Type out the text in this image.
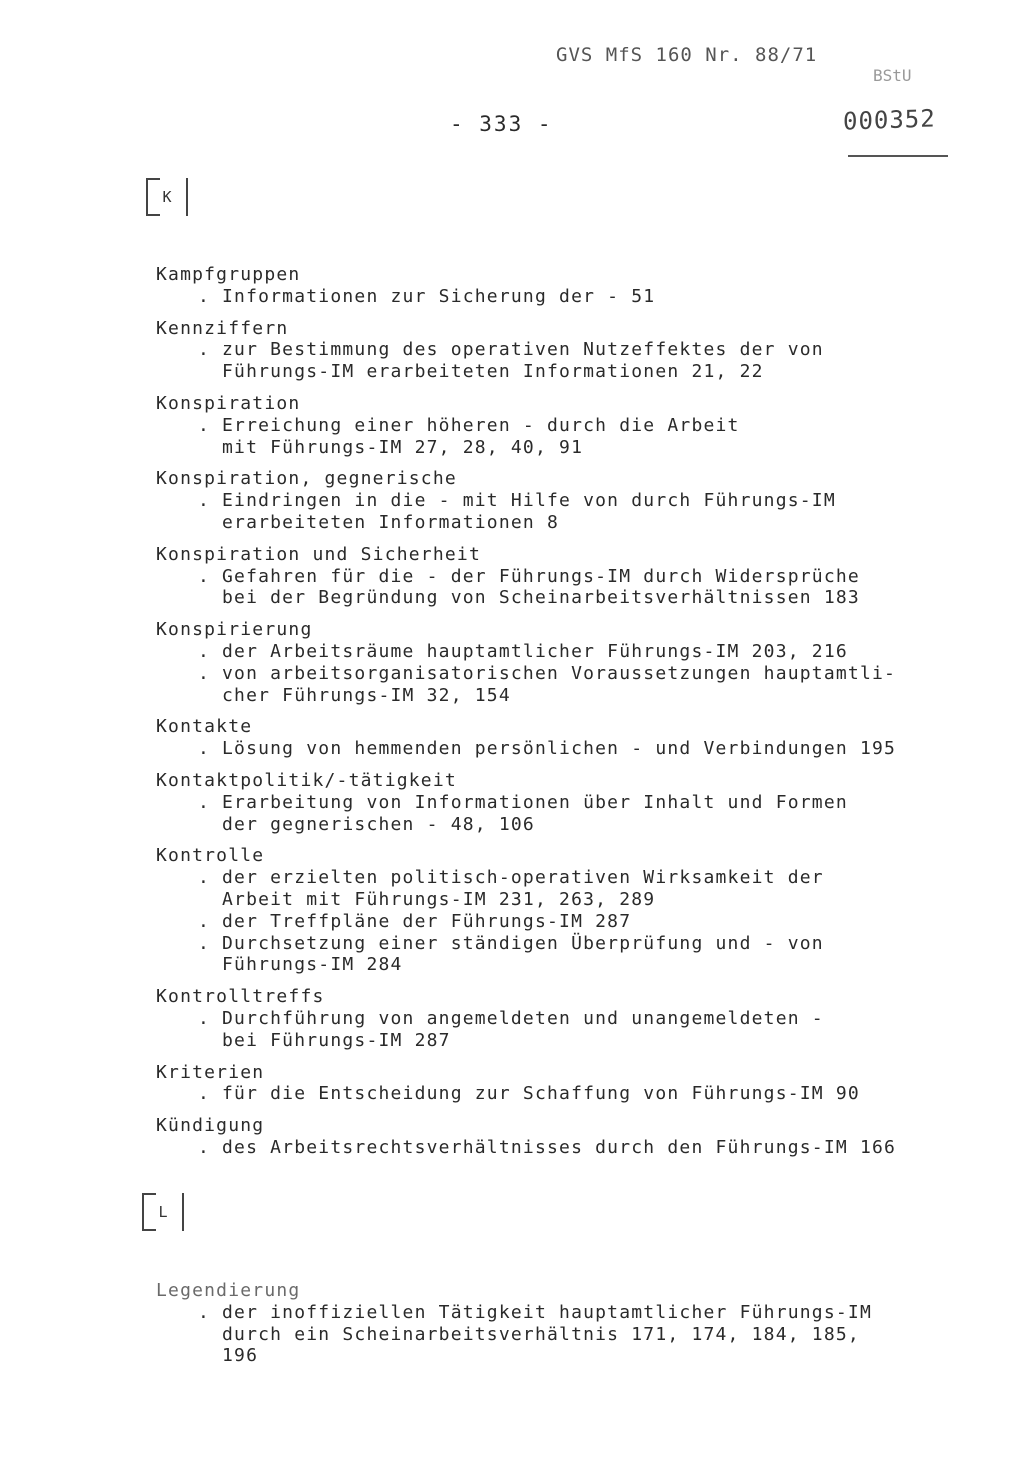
GVS MfS 160 Nr. 88/71
BStU
- 333 -	000352
K
Kampfgruppen
. Informationen zur Sicherung der - 51
Kennziffern
. zur Bestimmung des operativen Nutzeffektes der von
Führungs-IM erarbeiteten Informationen 21, 22
Konspiration
. Erreichung einer höheren - durch die Arbeit
mit Führungs-IM 27, 28, 40, 91
Konspiration, gegnerische
. Eindringen in die - mit Hilfe von durch Führungs-IM
erarbeiteten Informationen 8
Konspiration und Sicherheit
. Gefahren für die - der Führungs-IM durch Widersprüche
bei der Begründung von Scheinarbeitsverhältnissen 183
Konspirierung
. der Arbeitsräume hauptamtlicher Führungs-IM 203, 216
. von arbeitsorganisatorischen Voraussetzungen hauptamtli-
cher Führungs-IM 32, 154
Kontakte
. Lösung von hemmenden persönlichen - und Verbindungen 195
Kontaktpolitik/-tätigkeit
. Erarbeitung von Informationen über Inhalt und Formen
der gegnerischen - 48, 106
Kontrolle
. der erzielten politisch-operativen Wirksamkeit der
Arbeit mit Führungs-IM 231, 263, 289
. der Treffpläne der Führungs-IM 287
. Durchsetzung einer ständigen Überprüfung und - von
Führungs-IM 284
Kontrolltreffs
. Durchführung von angemeldeten und unangemeldeten -
bei Führungs-IM 287
Kriterien
. für die Entscheidung zur Schaffung von Führungs-IM 90
Kündigung
. des Arbeitsrechtsverhältnisses durch den Führungs-IM 166
L
Legendierung
. der inoffiziellen Tätigkeit hauptamtlicher Führungs-IM
durch ein Scheinarbeitsverhältnis 171, 174, 184, 185,
196
